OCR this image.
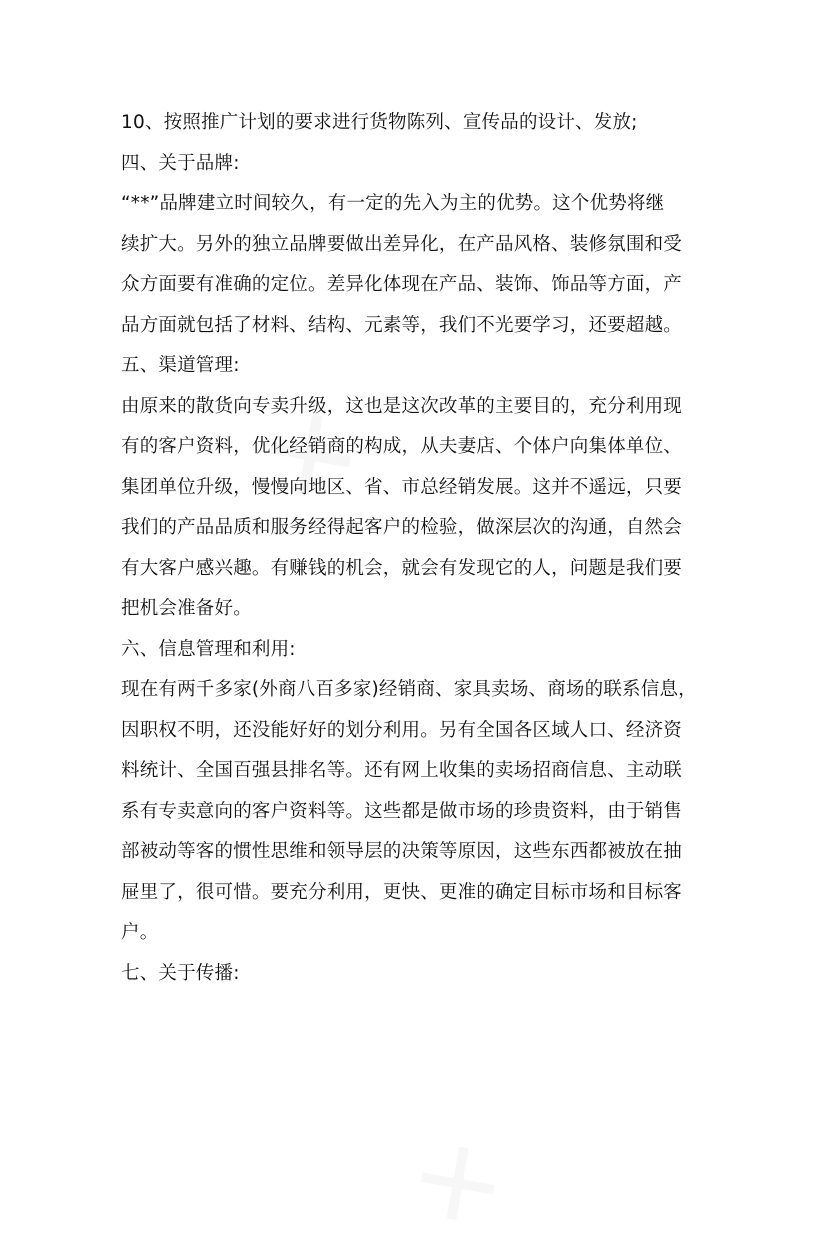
✕
✕
10、按照推广计划的要求进行货物陈列、宣传品的设计、发放;
四、关于品牌:
“**”品牌建立时间较久，有一定的先入为主的优势。这个优势将继
续扩大。另外的独立品牌要做出差异化，在产品风格、装修氛围和受
众方面要有准确的定位。差异化体现在产品、装饰、饰品等方面，产
品方面就包括了材料、结构、元素等，我们不光要学习，还要超越。
五、渠道管理:
由原来的散货向专卖升级，这也是这次改革的主要目的，充分利用现
有的客户资料，优化经销商的构成，从夫妻店、个体户向集体单位、
集团单位升级，慢慢向地区、省、市总经销发展。这并不遥远，只要
我们的产品品质和服务经得起客户的检验，做深层次的沟通，自然会
有大客户感兴趣。有赚钱的机会，就会有发现它的人，问题是我们要
把机会准备好。
六、信息管理和利用:
现在有两千多家(外商八百多家)经销商、家具卖场、商场的联系信息，
因职权不明，还没能好好的划分利用。另有全国各区域人口、经济资
料统计、全国百强县排名等。还有网上收集的卖场招商信息、主动联
系有专卖意向的客户资料等。这些都是做市场的珍贵资料，由于销售
部被动等客的惯性思维和领导层的决策等原因，这些东西都被放在抽
屉里了，很可惜。要充分利用，更快、更准的确定目标市场和目标客
户。
七、关于传播:
